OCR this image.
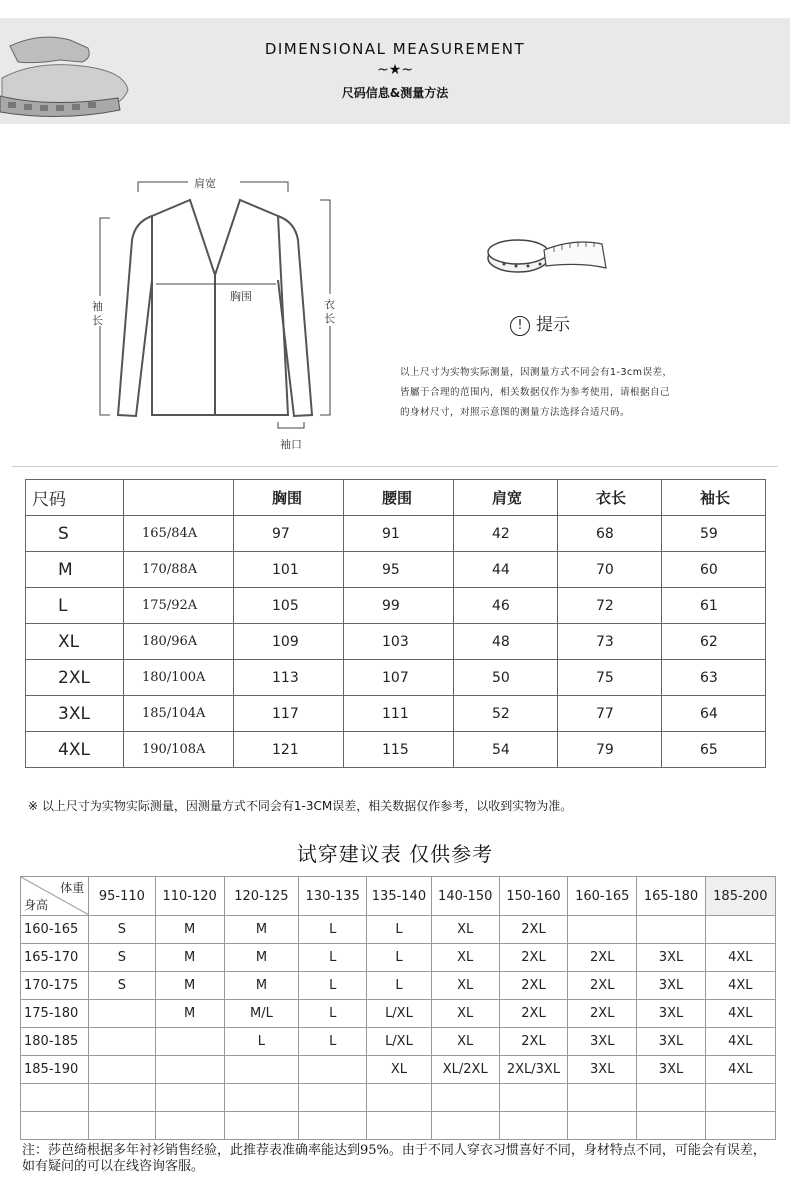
DIMENSIONAL MEASUREMENT
~★~
尺码信息&测量方法
肩宽
胸围
袖长
衣长
袖口
! 提示
以上尺寸为实物实际测量，因测量方式不同会有1-3cm误差，
皆屬于合理的范围内，相关数据仅作为参考使用，请根据自己
的身材尺寸，对照示意图的测量方法选择合适尺码。
尺码		胸围	腰围	肩宽	衣长	袖长
S	165/84A	97	91	42	68	59
M	170/88A	101	95	44	70	60
L	175/92A	105	99	46	72	61
XL	180/96A	109	103	48	73	62
2XL	180/100A	113	107	50	75	63
3XL	185/104A	117	111	52	77	64
4XL	190/108A	121	115	54	79	65
※ 以上尺寸为实物实际测量，因测量方式不同会有1-3CM误差，相关数据仅作参考，以收到实物为准。
试穿建议表 仅供参考
体重
身高	95-110	110-120	120-125	130-135	135-140	140-150	150-160	160-165	165-180	185-200
160-165	S	M	M	L	L	XL	2XL			
165-170	S	M	M	L	L	XL	2XL	2XL	3XL	4XL
170-175	S	M	M	L	L	XL	2XL	2XL	3XL	4XL
175-180		M	M/L	L	L/XL	XL	2XL	2XL	3XL	4XL
180-185			L	L	L/XL	XL	2XL	3XL	3XL	4XL
185-190					XL	XL/2XL	2XL/3XL	3XL	3XL	4XL

注：莎芭绮根据多年衬衫销售经验，此推荐表准确率能达到95%。由于不同人穿衣习惯喜好不同，身材特点不同，可能会有误差，如有疑问的可以在线咨询客服。
